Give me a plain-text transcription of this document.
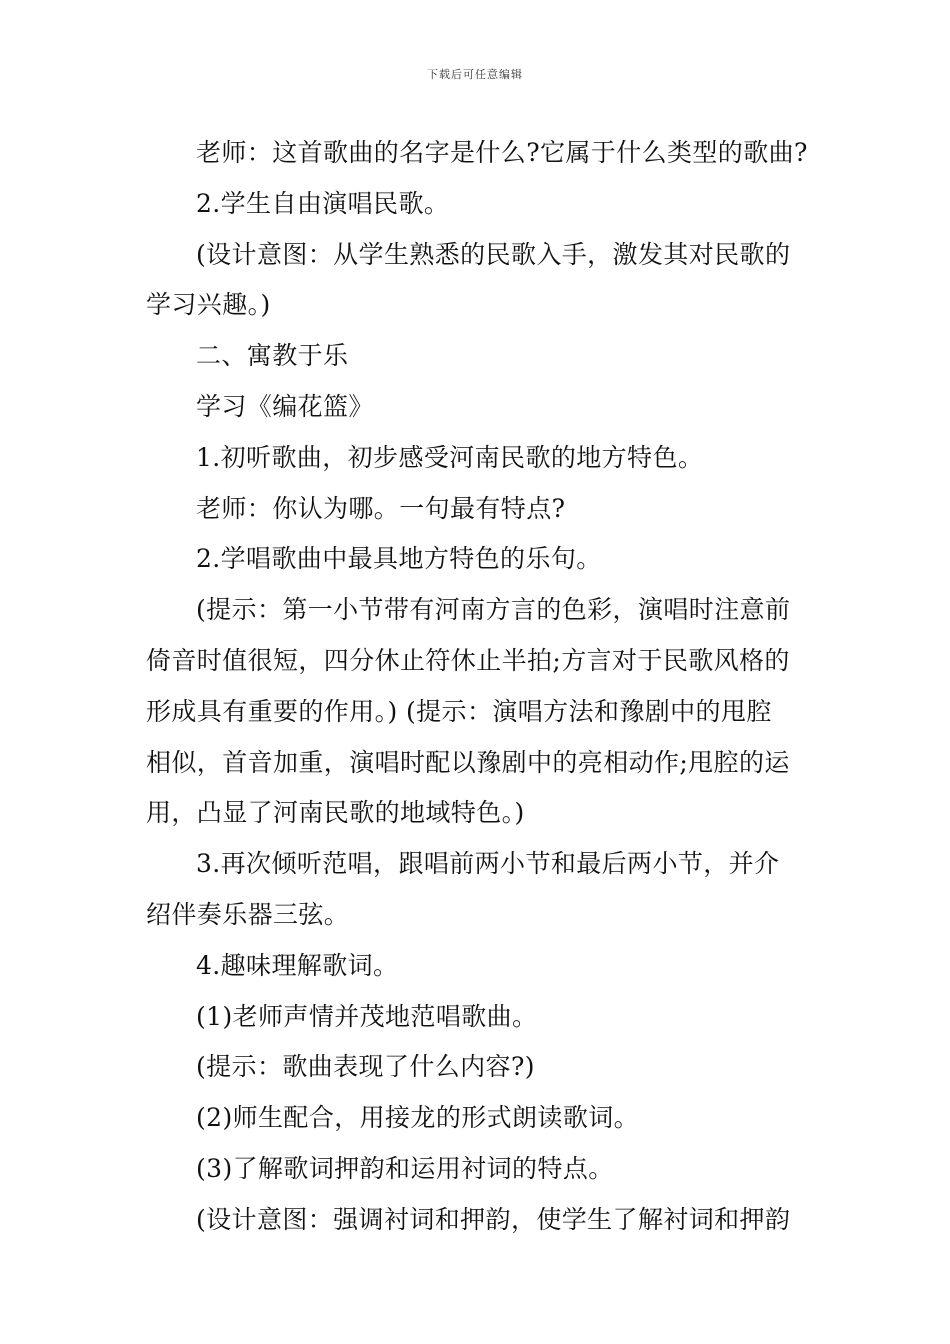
下载后可任意编辑
老师：这首歌曲的名字是什么?它属于什么类型的歌曲?
2.学生自由演唱民歌。
(设计意图：从学生熟悉的民歌入手，激发其对民歌的
学习兴趣。)
二、寓教于乐
学习《编花篮》
1.初听歌曲，初步感受河南民歌的地方特色。
老师：你认为哪。一句最有特点?
2.学唱歌曲中最具地方特色的乐句。
(提示：第一小节带有河南方言的色彩，演唱时注意前
倚音时值很短，四分休止符休止半拍;方言对于民歌风格的
形成具有重要的作用。) (提示：演唱方法和豫剧中的甩腔
相似，首音加重，演唱时配以豫剧中的亮相动作;甩腔的运
用，凸显了河南民歌的地域特色。)
3.再次倾听范唱，跟唱前两小节和最后两小节，并介
绍伴奏乐器三弦。
4.趣味理解歌词。
(1)老师声情并茂地范唱歌曲。
(提示：歌曲表现了什么内容?)
(2)师生配合，用接龙的形式朗读歌词。
(3)了解歌词押韵和运用衬词的特点。
(设计意图：强调衬词和押韵，使学生了解衬词和押韵
